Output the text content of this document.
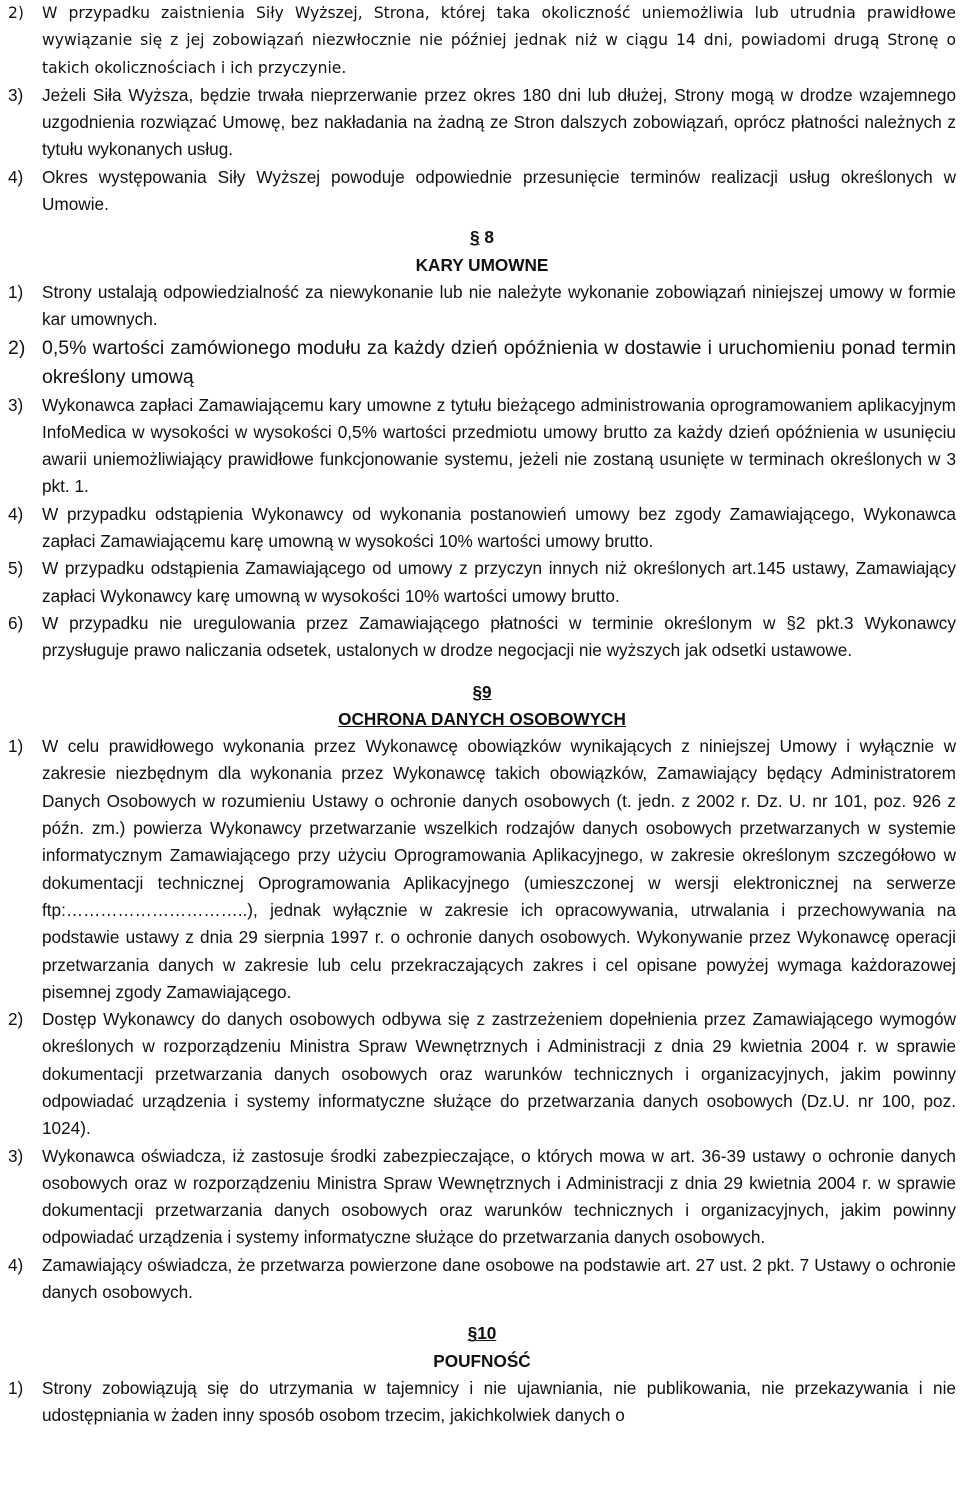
2) W przypadku zaistnienia Siły Wyższej, Strona, której taka okoliczność uniemożliwia lub utrudnia prawidłowe wywiązanie się z jej zobowiązań niezwłocznie nie później jednak niż w ciągu 14 dni, powiadomi drugą Stronę o takich okolicznościach i ich przyczynie.
3) Jeżeli Siła Wyższa, będzie trwała nieprzerwanie przez okres 180 dni lub dłużej, Strony mogą w drodze wzajemnego uzgodnienia rozwiązać Umowę, bez nakładania na żadną ze Stron dalszych zobowiązań, oprócz płatności należnych z tytułu wykonanych usług.
4) Okres występowania Siły Wyższej powoduje odpowiednie przesunięcie terminów realizacji usług określonych w Umowie.

§ 8

KARY UMOWNE

1) Strony ustalają odpowiedzialność za niewykonanie lub nie należyte wykonanie zobowiązań niniejszej umowy w formie kar umownych.
2) 0,5% wartości zamówionego modułu za każdy dzień opóźnienia w dostawie i uruchomieniu ponad termin określony umową
3) Wykonawca zapłaci Zamawiającemu kary umowne z tytułu bieżącego administrowania oprogramowaniem aplikacyjnym InfoMedica w wysokości w wysokości 0,5% wartości przedmiotu umowy brutto za każdy dzień opóźnienia w usunięciu awarii uniemożliwiający prawidłowe funkcjonowanie systemu, jeżeli nie zostaną usunięte w terminach określonych w 3 pkt. 1.
4) W przypadku odstąpienia Wykonawcy od wykonania postanowień umowy bez zgody Zamawiającego, Wykonawca zapłaci Zamawiającemu karę umowną w wysokości 10% wartości umowy brutto.
5) W przypadku odstąpienia Zamawiającego od umowy z przyczyn innych niż określonych art.145 ustawy, Zamawiający zapłaci Wykonawcy karę umowną w wysokości 10% wartości umowy brutto.
6) W przypadku nie uregulowania przez Zamawiającego płatności w terminie określonym w §2 pkt.3 Wykonawcy przysługuje prawo naliczania odsetek, ustalonych w drodze negocjacji nie wyższych jak odsetki ustawowe.

§9

OCHRONA DANYCH OSOBOWYCH

1) W celu prawidłowego wykonania przez Wykonawcę obowiązków wynikających z niniejszej Umowy i wyłącznie w zakresie niezbędnym dla wykonania przez Wykonawcę takich obowiązków, Zamawiający będący Administratorem Danych Osobowych w rozumieniu Ustawy o ochronie danych osobowych (t. jedn. z 2002 r. Dz. U. nr 101, poz. 926 z późn. zm.) powierza Wykonawcy przetwarzanie wszelkich rodzajów danych osobowych przetwarzanych w systemie informatycznym Zamawiającego przy użyciu Oprogramowania Aplikacyjnego, w zakresie określonym szczegółowo w dokumentacji technicznej Oprogramowania Aplikacyjnego (umieszczonej w wersji elektronicznej na serwerze ftp:…………………………..), jednak wyłącznie w zakresie ich opracowywania, utrwalania i przechowywania na podstawie ustawy z dnia 29 sierpnia 1997 r. o ochronie danych osobowych. Wykonywanie przez Wykonawcę operacji przetwarzania danych w zakresie lub celu przekraczających zakres i cel opisane powyżej wymaga każdorazowej pisemnej zgody Zamawiającego.
2) Dostęp Wykonawcy do danych osobowych odbywa się z zastrzeżeniem dopełnienia przez Zamawiającego wymogów określonych w rozporządzeniu Ministra Spraw Wewnętrznych i Administracji z dnia 29 kwietnia 2004 r. w sprawie dokumentacji przetwarzania danych osobowych oraz warunków technicznych i organizacyjnych, jakim powinny odpowiadać urządzenia i systemy informatyczne służące do przetwarzania danych osobowych (Dz.U. nr 100, poz. 1024).
3) Wykonawca oświadcza, iż zastosuje środki zabezpieczające, o których mowa w art. 36-39 ustawy o ochronie danych osobowych oraz w rozporządzeniu Ministra Spraw Wewnętrznych i Administracji z dnia 29 kwietnia 2004 r. w sprawie dokumentacji przetwarzania danych osobowych oraz warunków technicznych i organizacyjnych, jakim powinny odpowiadać urządzenia i systemy informatyczne służące do przetwarzania danych osobowych.
4) Zamawiający oświadcza, że przetwarza powierzone dane osobowe na podstawie art. 27 ust. 2 pkt. 7 Ustawy o ochronie danych osobowych.

§10

POUFNOŚĆ

1) Strony zobowiązują się do utrzymania w tajemnicy i nie ujawniania, nie publikowania, nie przekazywania i nie udostępniania w żaden inny sposób osobom trzecim, jakichkolwiek danych o
